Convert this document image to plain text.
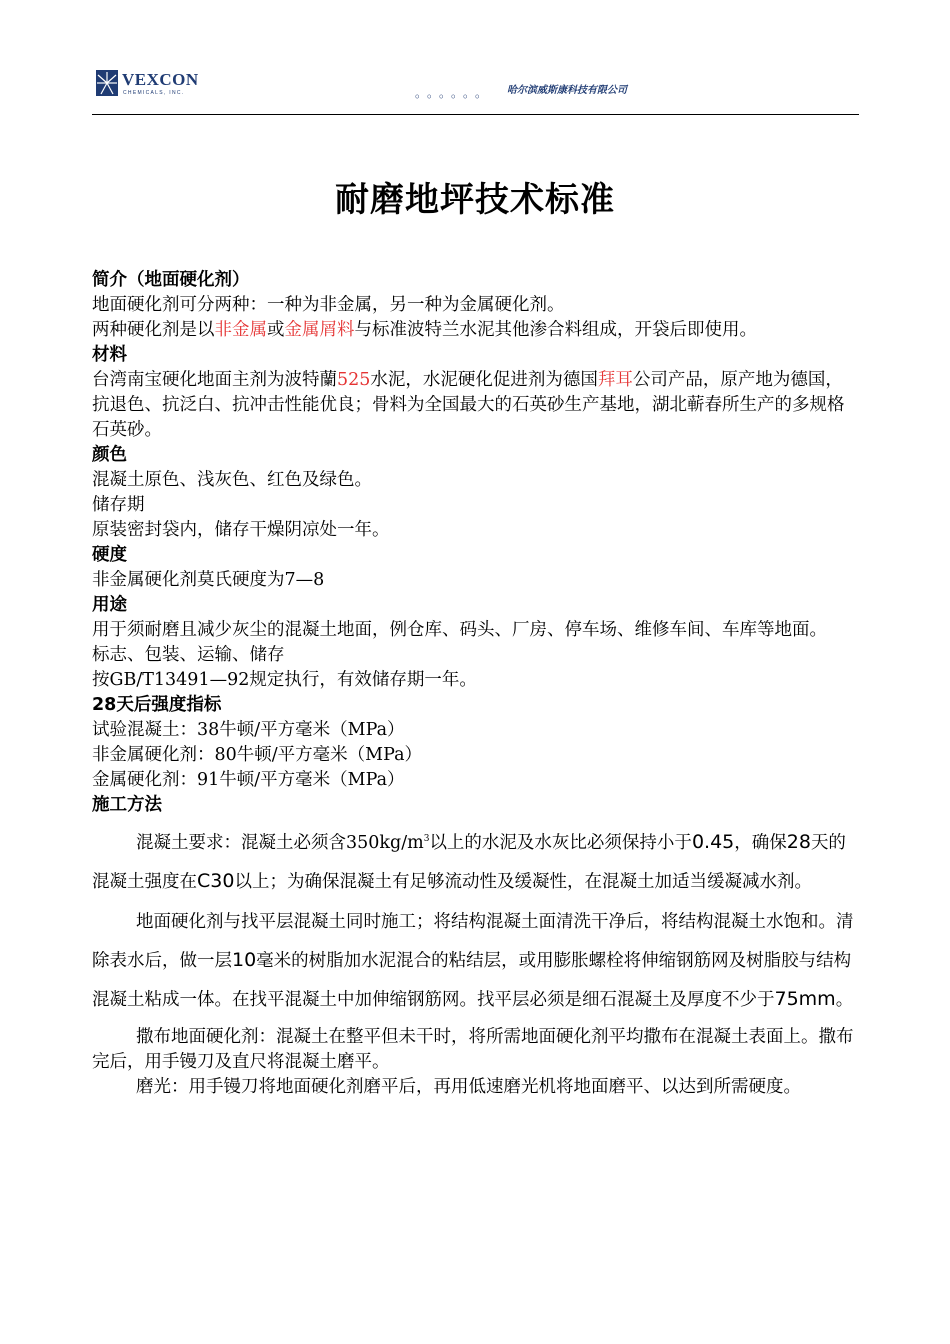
VEXCON
CHEMICALS, INC.	。。。。。。 哈尔滨威斯康科技有限公司
耐磨地坪技术标准

简介（地面硬化剂）

地面硬化剂可分两种：一种为非金属，另一种为金属硬化剂。

两种硬化剂是以非金属或金属屑料与标准波特兰水泥其他渗合料组成，开袋后即使用。

材料

台湾南宝硬化地面主剂为波特蘭525水泥，水泥硬化促进剂为德国拜耳公司产品，原产地为德国，抗退色、抗泛白、抗冲击性能优良；骨料为全国最大的石英砂生产基地，湖北蕲春所生产的多规格石英砂。

颜色

混凝土原色、浅灰色、红色及绿色。

储存期

原装密封袋内，储存干燥阴凉处一年。

硬度

非金属硬化剂莫氏硬度为7—8

用途

用于须耐磨且减少灰尘的混凝土地面，例仓库、码头、厂房、停车场、维修车间、车库等地面。

标志、包装、运输、储存

按GB/T13491—92规定执行，有效储存期一年。

28天后强度指标

试验混凝土：38牛顿/平方毫米（MPa）

非金属硬化剂：80牛顿/平方毫米（MPa）

金属硬化剂：91牛顿/平方毫米（MPa）

施工方法

混凝土要求：混凝土必须含$350kg/m^3$以上的水泥及水灰比必须保持小于0.45，确保28天的混凝土强度在C30以上；为确保混凝土有足够流动性及缓凝性，在混凝土加适当缓凝减水剂。

地面硬化剂与找平层混凝土同时施工；将结构混凝土面清洗干净后，将结构混凝土水饱和。清除表水后，做一层10毫米的树脂加水泥混合的粘结层，或用膨胀螺栓将伸缩钢筋网及树脂胶与结构混凝土粘成一体。在找平混凝土中加伸缩钢筋网。找平层必须是细石混凝土及厚度不少于75mm。

撒布地面硬化剂：混凝土在整平但未干时，将所需地面硬化剂平均撒布在混凝土表面上。撒布完后，用手镘刀及直尺将混凝土磨平。

磨光：用手镘刀将地面硬化剂磨平后，再用低速磨光机将地面磨平、以达到所需硬度。
